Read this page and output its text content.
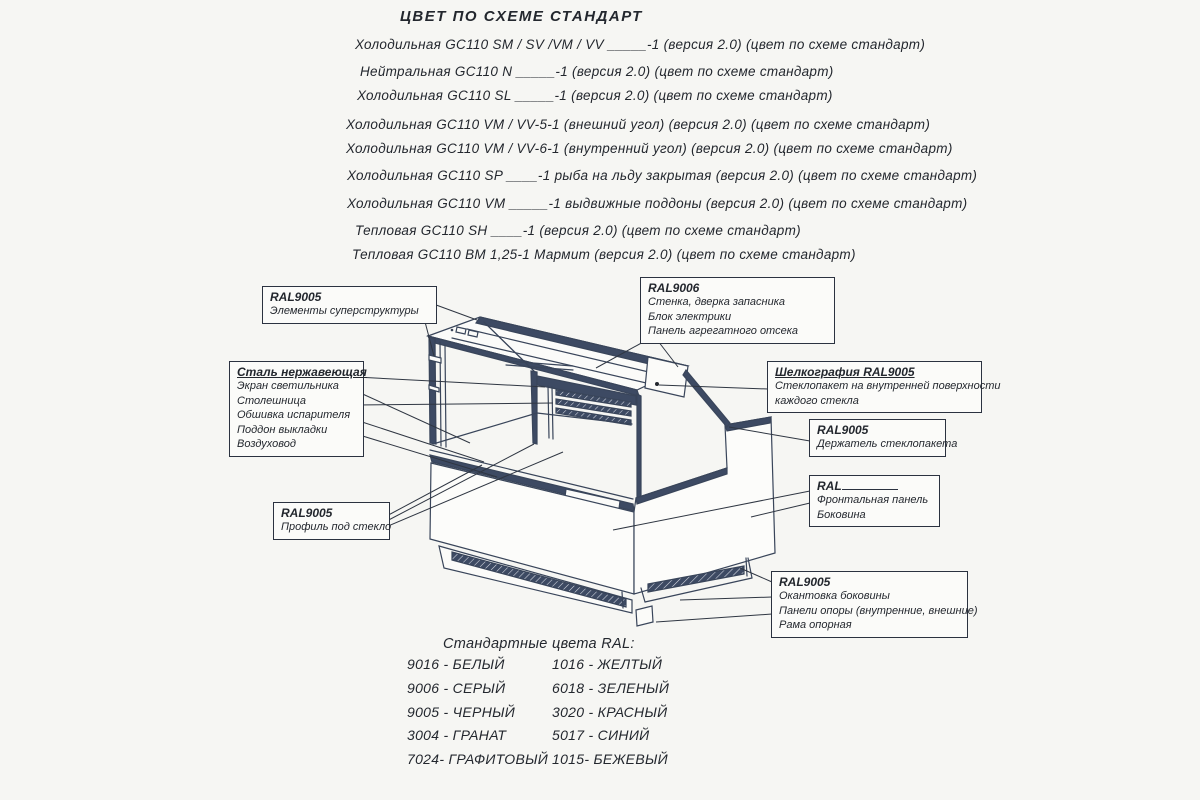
ЦВЕТ ПО СХЕМЕ СТАНДАРТ
Холодильная GC110 SM / SV /VM / VV _____-1 (версия 2.0) (цвет по схеме стандарт)
Нейтральная GC110 N _____-1 (версия 2.0) (цвет по схеме стандарт)
Холодильная GC110 SL _____-1 (версия 2.0) (цвет по схеме стандарт)
Холодильная GC110 VM / VV-5-1 (внешний угол) (версия 2.0) (цвет по схеме стандарт)
Холодильная GC110 VM / VV-6-1 (внутренний угол) (версия 2.0) (цвет по схеме стандарт)
Холодильная GC110 SP ____-1 рыба на льду закрытая (версия 2.0) (цвет по схеме стандарт)
Холодильная GC110 VM _____-1 выдвижные поддоны (версия 2.0) (цвет по схеме стандарт)
Тепловая GC110 SH ____-1 (версия 2.0) (цвет по схеме стандарт)
Тепловая GC110 BM 1,25-1 Мармит (версия 2.0) (цвет по схеме стандарт)
RAL9005
Элементы суперструктуры
RAL9006
Стенка, дверка запасника
Блок электрики
Панель агрегатного отсека
Сталь нержавеющая
Экран светильника
Столешница
Обшивка испарителя
Поддон выкладки
Воздуховод
Шелкография RAL9005
Стеклопакет на внутренней поверхности
каждого стекла
RAL9005
Держатель стеклопакета
RAL
Фронтальная панель
Боковина
RAL9005
Профиль под стекло
RAL9005
Окантовка боковины
Панели опоры (внутренние, внешние)
Рама опорная
Стандартные цвета RAL:
9016 - БЕЛЫЙ
9006 - СЕРЫЙ
9005 - ЧЕРНЫЙ
3004 - ГРАНАТ
7024- ГРАФИТОВЫЙ
1016 - ЖЕЛТЫЙ
6018 - ЗЕЛЕНЫЙ
3020 - КРАСНЫЙ
5017 - СИНИЙ
1015- БЕЖЕВЫЙ
